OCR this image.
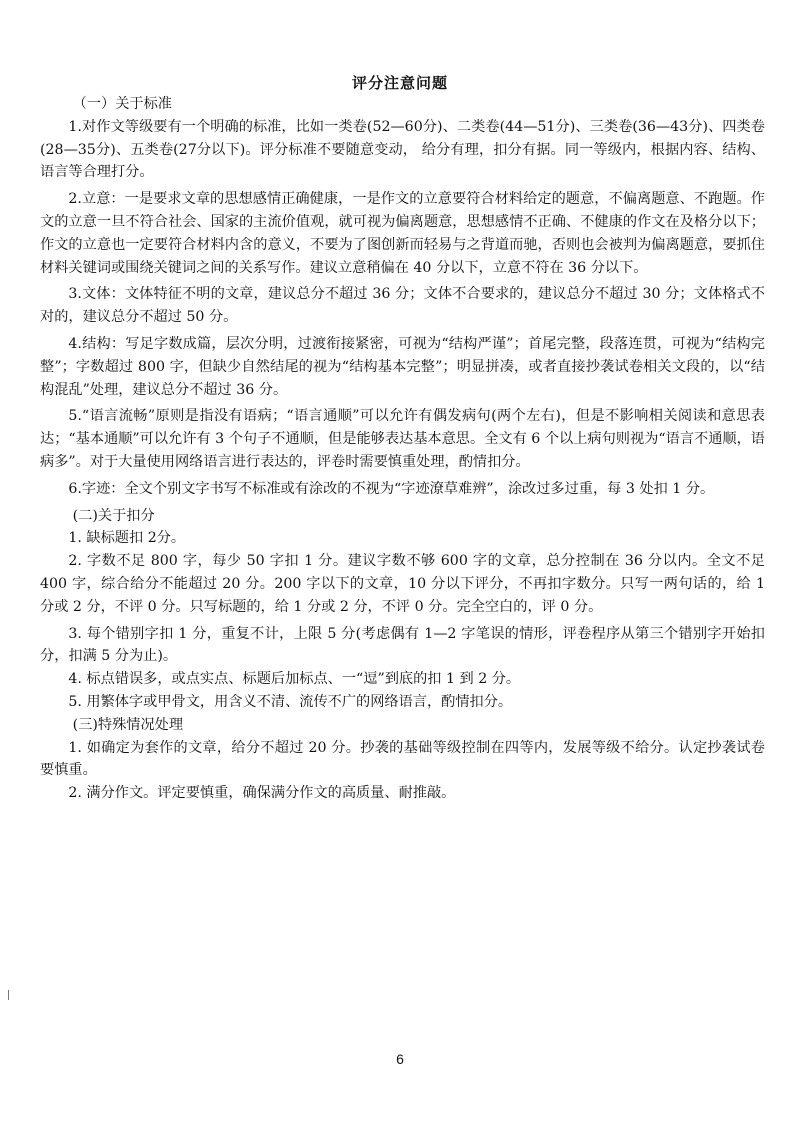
评分注意问题

（一）关于标准

1.对作文等级要有一个明确的标准，比如一类卷(52—60分)、二类卷(44—51分)、三类卷(36—43分)、四类卷(28—35分)、五类卷(27分以下)。评分标准不要随意变动， 给分有理，扣分有据。同一等级内，根据内容、结构、语言等合理打分。

2.立意：一是要求文章的思想感情正确健康，一是作文的立意要符合材料给定的题意，不偏离题意、不跑题。作文的立意一旦不符合社会、国家的主流价值观，就可视为偏离题意，思想感情不正确、不健康的作文在及格分以下；作文的立意也一定要符合材料内含的意义，不要为了图创新而轻易与之背道而驰，否则也会被判为偏离题意，要抓住材料关键词或围绕关键词之间的关系写作。建议立意稍偏在 40 分以下，立意不符在 36 分以下。

3.文体：文体特征不明的文章，建议总分不超过 36 分；文体不合要求的，建议总分不超过 30 分；文体格式不对的，建议总分不超过 50 分。

4.结构：写足字数成篇，层次分明，过渡衔接紧密，可视为“结构严谨”；首尾完整，段落连贯，可视为“结构完整”；字数超过 800 字，但缺少自然结尾的视为“结构基本完整”；明显拼凑，或者直接抄袭试卷相关文段的，以“结构混乱”处理，建议总分不超过 36 分。

5.“语言流畅”原则是指没有语病；“语言通顺”可以允许有偶发病句(两个左右)，但是不影响相关阅读和意思表达；“基本通顺”可以允许有 3 个句子不通顺，但是能够表达基本意思。全文有 6 个以上病句则视为“语言不通顺，语病多”。对于大量使用网络语言进行表达的，评卷时需要慎重处理，酌情扣分。

6.字迹：全文个别文字书写不标准或有涂改的不视为“字迹潦草难辨”，涂改过多过重，每 3 处扣 1 分。

(二)关于扣分

1. 缺标题扣 2分。

2. 字数不足 800 字，每少 50 字扣 1 分。建议字数不够 600 字的文章，总分控制在 36 分以内。全文不足 400 字，综合给分不能超过 20 分。200 字以下的文章，10 分以下评分，不再扣字数分。只写一两句话的，给 1 分或 2 分，不评 0 分。只写标题的，给 1 分或 2 分，不评 0 分。完全空白的，评 0 分。

3. 每个错别字扣 1 分，重复不计，上限 5 分(考虑偶有 1—2 字笔误的情形，评卷程序从第三个错别字开始扣分，扣满 5 分为止)。

4. 标点错误多，或点实点、标题后加标点、一“逗”到底的扣 1 到 2 分。

5. 用繁体字或甲骨文，用含义不清、流传不广的网络语言，酌情扣分。

(三)特殊情况处理

1. 如确定为套作的文章，给分不超过 20 分。抄袭的基础等级控制在四等内，发展等级不给分。认定抄袭试卷要慎重。

2. 满分作文。评定要慎重，确保满分作文的高质量、耐推敲。

6
